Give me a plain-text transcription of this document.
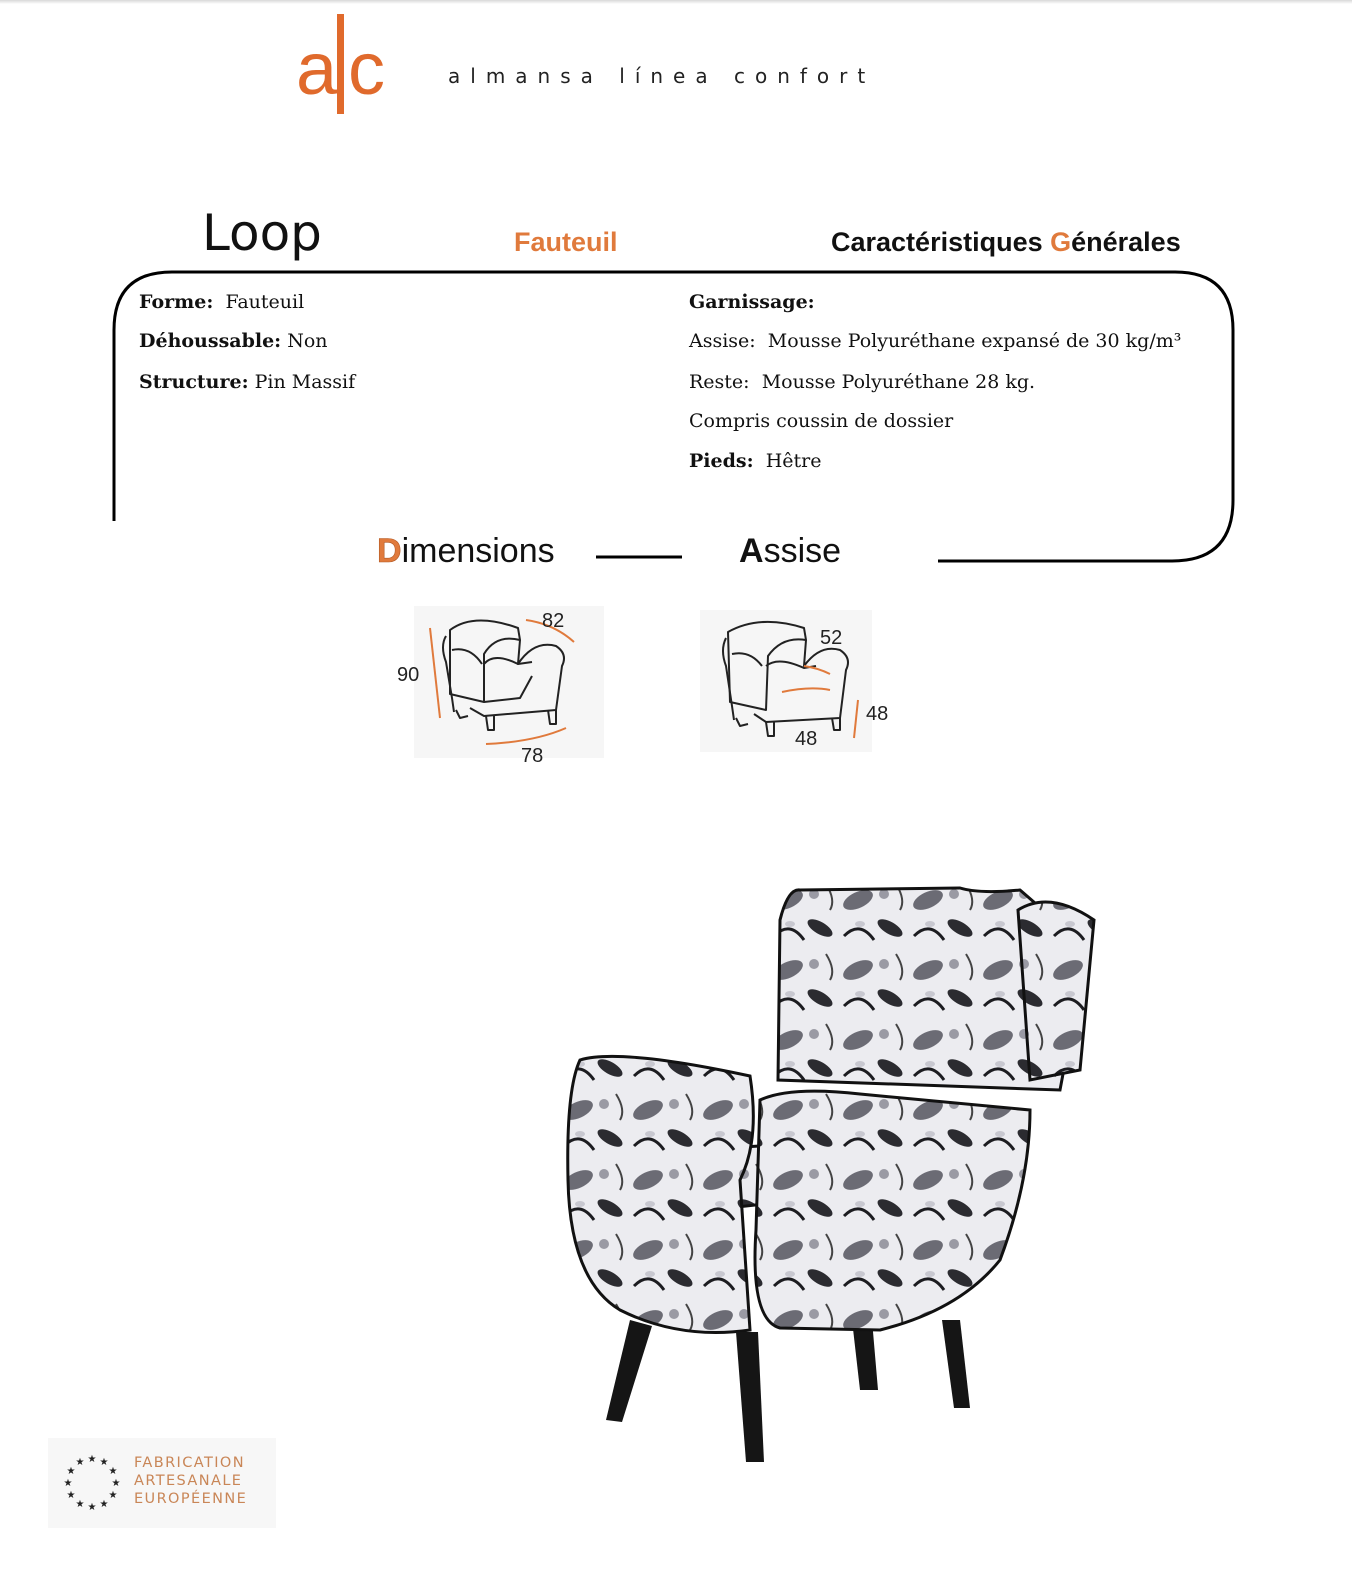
a c	almansa línea confort
Loop	Fauteuil	Caractéristiques Générales
Forme: Fauteuil
Déhoussable: Non
Structure: Pin Massif
Garnissage:
Assise: Mousse Polyuréthane expansé de 30 kg/m³
Reste: Mousse Polyuréthane 28 kg.
Compris coussin de dossier
Pieds: Hêtre
Dimensions	Assise
90
82
78
52
48
48
★ ★
★
★
★
★
★
★
★
★
★
★	FABRICATION
ARTESANALE
EUROPÉENNE
